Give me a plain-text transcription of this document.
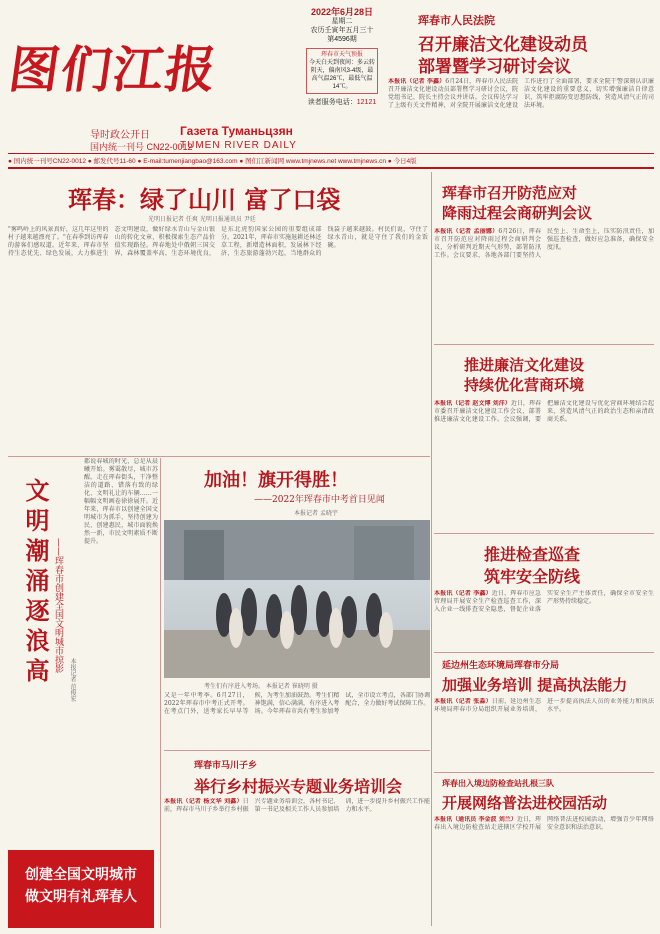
图们江报
导时政公开日
国内统一刊号 CN22-0012
Газета Туманьцзян
TUMEN RIVER DAILY
2022年6月28日
星期二
农历壬寅年五月三十
第4596期
珲春市天气预报
今天白天到夜间：多云转阴天，偏南风3-4级，最高气温26℃，最低气温14℃。
读者服务电话：12121
珲春市人民法院
召开廉洁文化建设动员
部署暨学习研讨会议
本报讯（记者 李鑫）6月24日，珲春市人民法院召开廉洁文化建设动员部署暨学习研讨会议，院党组书记、院长主持会议并讲话。会议传达学习了上级有关文件精神，对全院开展廉洁文化建设工作进行了全面部署，要求全院干警深刻认识廉洁文化建设的重要意义，切实增强廉洁自律意识，筑牢拒腐防变思想防线，营造风清气正的司法环境。
● 国内统一刊号CN22-0012 ● 邮发代号11-60 ● E-mail:tumenjiangbao@163.com ● 图们江新闻网 www.tmjnews.net www.tmjnews.cn ● 今日4版
珲春：绿了山川 富了口袋
光明日报记者 任爽 光明日报通讯员 尹廷
"雾鸣岭上的风景真好，这几年这里的村子越来越漂亮了。"在春季到访珲春的游客们感叹道。近年来，珲春市坚持生态优先、绿色发展，大力推进生态文明建设，做好绿水青山与金山银山的转化文章，积极探索生态产品价值实现路径。珲春地处中俄朝三国交界，森林覆盖率高，生态环境优良，是东北虎豹国家公园的重要组成部分。2021年，珲春市实施退耕还林还草工程，新增造林面积，发展林下经济，生态旅游蓬勃兴起，当地群众的钱袋子越来越鼓。村民们说，守住了绿水青山，就是守住了我们的金饭碗。
珲春市召开防范应对
降雨过程会商研判会议
本报讯（记者 孟丽娜）6月26日，珲春市召开防范应对降雨过程会商研判会议，分析研判近期天气形势，部署防汛工作。会议要求，各地各部门要坚持人民至上、生命至上，压实防汛责任，加强巡查检查，做好应急准备，确保安全度汛。
推进廉洁文化建设
持续优化营商环境
本报讯（记者 赵文博 刘洋）近日，珲春市委召开廉洁文化建设工作会议，部署推进廉洁文化建设工作。会议强调，要把廉洁文化建设与优化营商环境结合起来，营造风清气正的政治生态和亲清政商关系。
加油！旗开得胜！
——2022年珲春市中考首日见闻
本报记者 孟晓宇
考生们有序进入考场。 本报记者 崔晓明 摄
又是一年中考季。6月27日，2022年珲春市中考正式开考。在考点门外，送考家长早早等候，为考生加油鼓劲。考生们精神饱满，信心满满，有序进入考场。今年珲春市共有考生参加考试，全市设立考点，各部门协调配合，全力做好考试保障工作。
文明潮涌逐浪高 ——珲春市创建全国文明城市掠影
本报记者 范俊宏
都说春城的时光，总是从晨曦开始。雾霭散尽，城市苏醒。走在珲春街头，干净整洁的道路、错落有致的绿化、文明礼让的车辆……一幅幅文明画卷徐徐展开。近年来，珲春市以创建全国文明城市为抓手，坚持创建为民、创建惠民，城市面貌焕然一新，市民文明素质不断提升。
创建全国文明城市
做文明有礼珲春人
推进检查巡查
筑牢安全防线
本报讯（记者 李鑫）近日，珲春市应急管理局开展安全生产检查巡查工作，深入企业一线排查安全隐患，督促企业落实安全生产主体责任，确保全市安全生产形势持续稳定。
延边州生态环境局珲春市分局
加强业务培训 提高执法能力
本报讯（记者 张淼）日前，延边州生态环境局珲春市分局组织开展业务培训，进一步提高执法人员的业务能力和执法水平。
珲春市马川子乡
举行乡村振兴专题业务培训会
本报讯（记者 杨文华 刘鑫）日前，珲春市马川子乡举行乡村振兴专题业务培训会，各村书记、第一书记及相关工作人员参加培训，进一步提升乡村振兴工作能力和水平。
珲春出入境边防检查站扎根三队
开展网络普法进校园活动
本报讯（通讯员 李金波 刘兰）近日，珲春出入境边防检查站走进辖区学校开展网络普法进校园活动，增强青少年网络安全意识和法治意识。
